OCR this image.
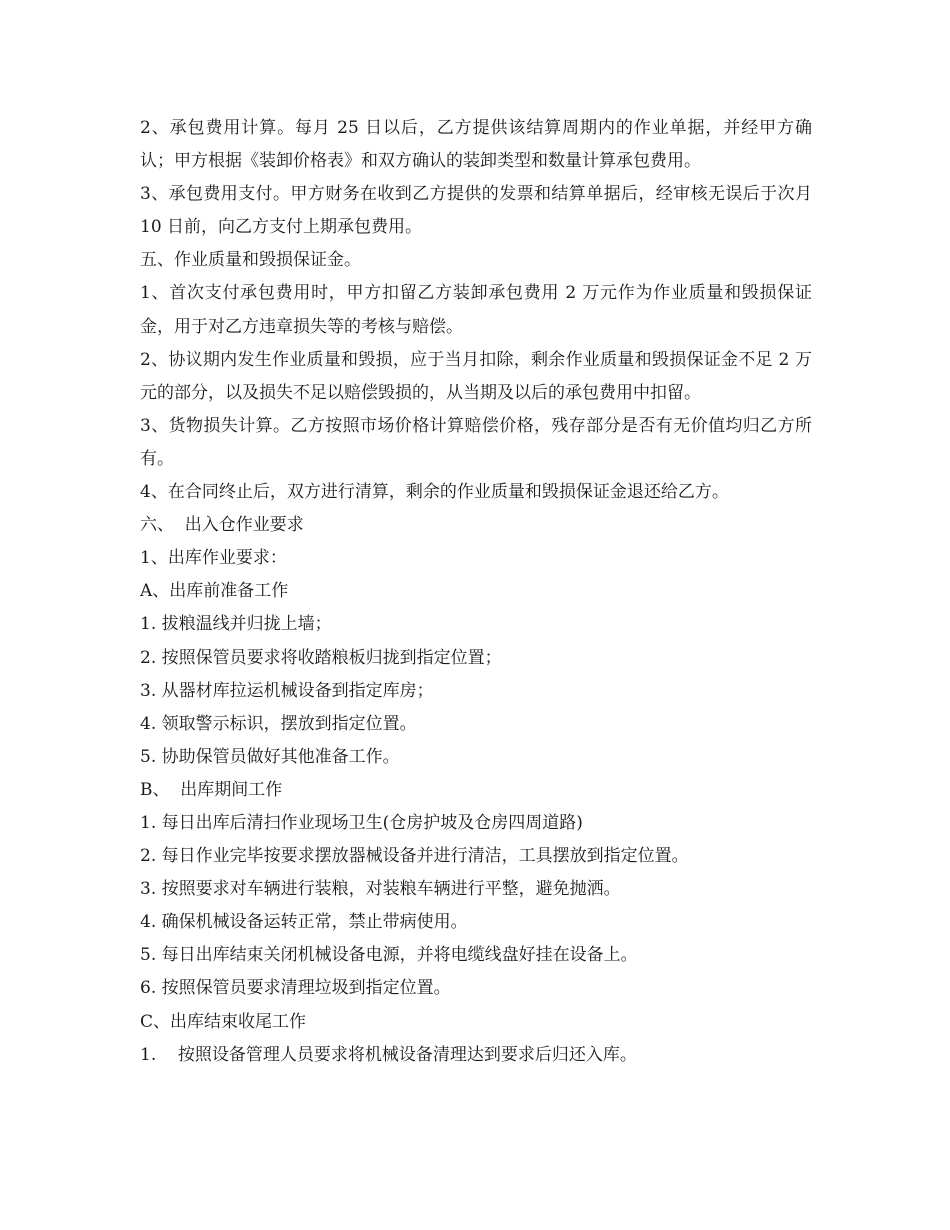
2、承包费用计算。每月 25 日以后，乙方提供该结算周期内的作业单据，并经甲方确认；甲方根据《装卸价格表》和双方确认的装卸类型和数量计算承包费用。

3、承包费用支付。甲方财务在收到乙方提供的发票和结算单据后，经审核无误后于次月 10 日前，向乙方支付上期承包费用。

五、作业质量和毁损保证金。

1、首次支付承包费用时，甲方扣留乙方装卸承包费用 2 万元作为作业质量和毁损保证金，用于对乙方违章损失等的考核与赔偿。

2、协议期内发生作业质量和毁损，应于当月扣除，剩余作业质量和毁损保证金不足 2 万元的部分，以及损失不足以赔偿毁损的，从当期及以后的承包费用中扣留。

3、货物损失计算。乙方按照市场价格计算赔偿价格，残存部分是否有无价值均归乙方所有。

4、在合同终止后，双方进行清算，剩余的作业质量和毁损保证金退还给乙方。

六、  出入仓作业要求

1、出库作业要求：

A、出库前准备工作

1. 拔粮温线并归拢上墙；

2. 按照保管员要求将收踏粮板归拢到指定位置；

3. 从器材库拉运机械设备到指定库房；

4. 领取警示标识，摆放到指定位置。

5. 协助保管员做好其他准备工作。

B、  出库期间工作

1. 每日出库后清扫作业现场卫生(仓房护坡及仓房四周道路)

2. 每日作业完毕按要求摆放器械设备并进行清洁，工具摆放到指定位置。

3. 按照要求对车辆进行装粮，对装粮车辆进行平整，避免抛洒。

4. 确保机械设备运转正常，禁止带病使用。

5. 每日出库结束关闭机械设备电源，并将电缆线盘好挂在设备上。

6. 按照保管员要求清理垃圾到指定位置。

C、出库结束收尾工作

1.    按照设备管理人员要求将机械设备清理达到要求后归还入库。
